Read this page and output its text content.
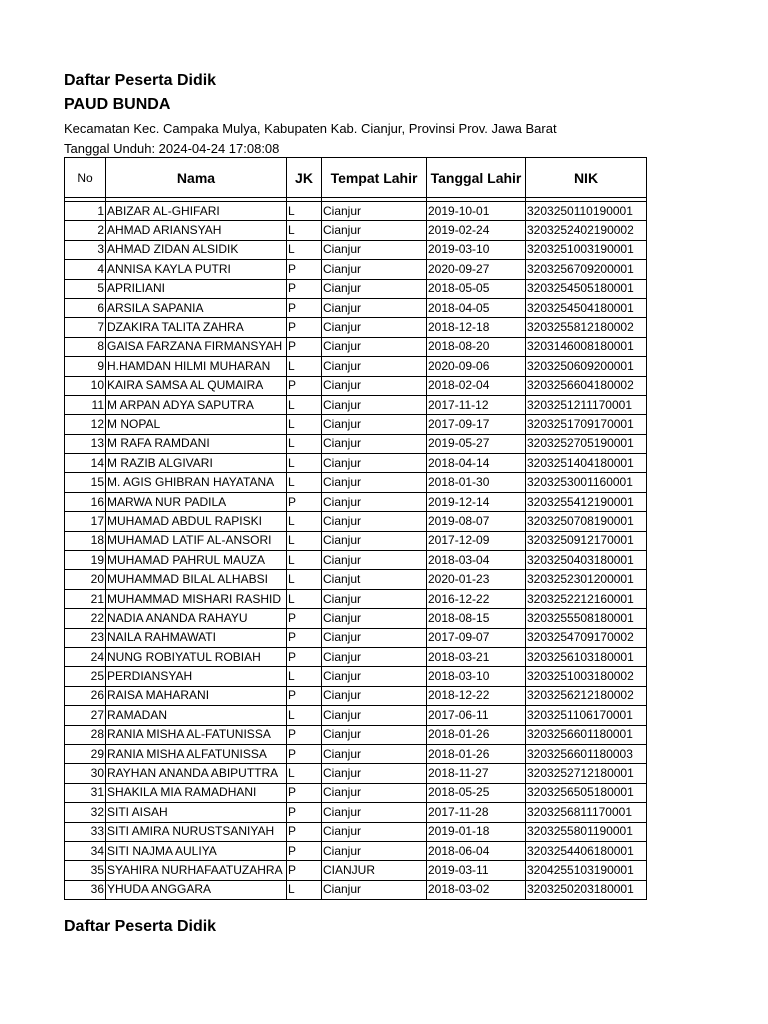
Daftar Peserta Didik
PAUD BUNDA
Kecamatan Kec. Campaka Mulya, Kabupaten Kab. Cianjur, Provinsi Prov. Jawa Barat
Tanggal Unduh: 2024-04-24 17:08:08
No	Nama	JK	Tempat Lahir	Tanggal Lahir	NIK

1	ABIZAR AL-GHIFARI	L	Cianjur	2019-10-01	3203250110190001
2	AHMAD ARIANSYAH	L	Cianjur	2019-02-24	3203252402190002
3	AHMAD ZIDAN ALSIDIK	L	Cianjur	2019-03-10	3203251003190001
4	ANNISA KAYLA PUTRI	P	Cianjur	2020-09-27	3203256709200001
5	APRILIANI	P	Cianjur	2018-05-05	3203254505180001
6	ARSILA SAPANIA	P	Cianjur	2018-04-05	3203254504180001
7	DZAKIRA TALITA ZAHRA	P	Cianjur	2018-12-18	3203255812180002
8	GAISA FARZANA FIRMANSYAH	P	Cianjur	2018-08-20	3203146008180001
9	H.HAMDAN HILMI MUHARAN	L	Cianjur	2020-09-06	3203250609200001
10	KAIRA SAMSA AL QUMAIRA	P	Cianjur	2018-02-04	3203256604180002
11	M ARPAN ADYA SAPUTRA	L	Cianjur	2017-11-12	3203251211170001
12	M NOPAL	L	Cianjur	2017-09-17	3203251709170001
13	M RAFA RAMDANI	L	Cianjur	2019-05-27	3203252705190001
14	M RAZIB ALGIVARI	L	Cianjur	2018-04-14	3203251404180001
15	M. AGIS GHIBRAN HAYATANA	L	Cianjur	2018-01-30	3203253001160001
16	MARWA NUR PADILA	P	Cianjur	2019-12-14	3203255412190001
17	MUHAMAD ABDUL RAPISKI	L	Cianjur	2019-08-07	3203250708190001
18	MUHAMAD LATIF AL-ANSORI	L	Cianjur	2017-12-09	3203250912170001
19	MUHAMAD PAHRUL MAUZA	L	Cianjur	2018-03-04	3203250403180001
20	MUHAMMAD BILAL ALHABSI	L	Cianjut	2020-01-23	3203252301200001
21	MUHAMMAD MISHARI RASHID	L	Cianjur	2016-12-22	3203252212160001
22	NADIA ANANDA RAHAYU	P	Cianjur	2018-08-15	3203255508180001
23	NAILA RAHMAWATI	P	Cianjur	2017-09-07	3203254709170002
24	NUNG ROBIYATUL ROBIAH	P	Cianjur	2018-03-21	3203256103180001
25	PERDIANSYAH	L	Cianjur	2018-03-10	3203251003180002
26	RAISA MAHARANI	P	Cianjur	2018-12-22	3203256212180002
27	RAMADAN	L	Cianjur	2017-06-11	3203251106170001
28	RANIA MISHA AL-FATUNISSA	P	Cianjur	2018-01-26	3203256601180001
29	RANIA MISHA ALFATUNISSA	P	Cianjur	2018-01-26	3203256601180003
30	RAYHAN ANANDA ABIPUTTRA	L	Cianjur	2018-11-27	3203252712180001
31	SHAKILA MIA RAMADHANI	P	Cianjur	2018-05-25	3203256505180001
32	SITI AISAH	P	Cianjur	2017-11-28	3203256811170001
33	SITI AMIRA NURUSTSANIYAH	P	Cianjur	2019-01-18	3203255801190001
34	SITI NAJMA AULIYA	P	Cianjur	2018-06-04	3203254406180001
35	SYAHIRA NURHAFAATUZAHRA	P	CIANJUR	2019-03-11	3204255103190001
36	YHUDA ANGGARA	L	Cianjur	2018-03-02	3203250203180001
Daftar Peserta Didik
